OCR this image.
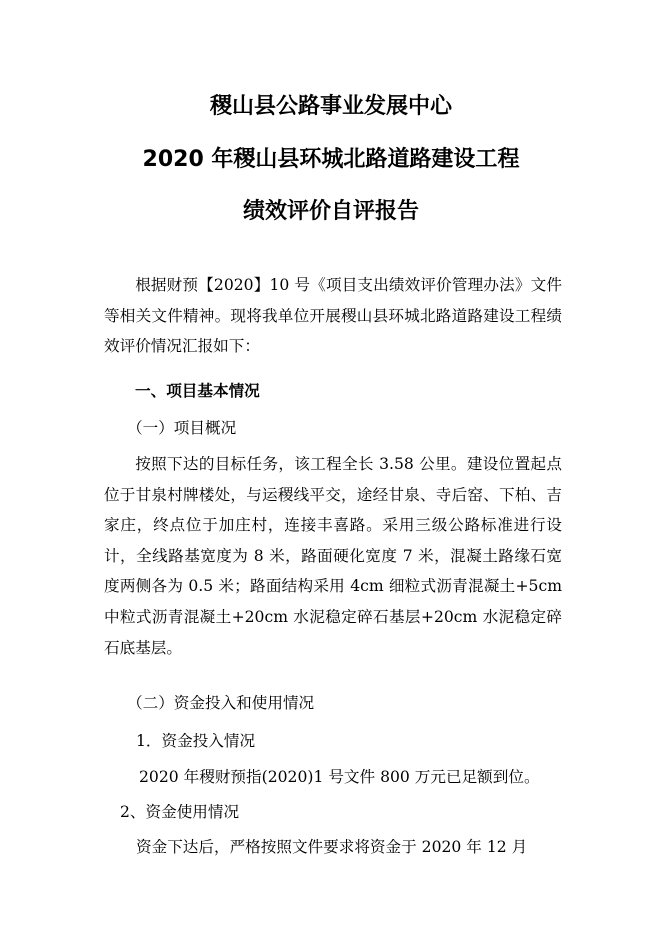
稷山县公路事业发展中心
2020 年稷山县环城北路道路建设工程
绩效评价自评报告

根据财预【2020】10 号《项目支出绩效评价管理办法》文件等相关文件精神。现将我单位开展稷山县环城北路道路建设工程绩效评价情况汇报如下：

一、项目基本情况
（一）项目概况

按照下达的目标任务，该工程全长 3.58 公里。建设位置起点位于甘泉村牌楼处，与运稷线平交，途经甘泉、寺后窑、下柏、吉家庄，终点位于加庄村，连接丰喜路。采用三级公路标准进行设计，全线路基宽度为 8 米，路面硬化宽度 7 米，混凝土路缘石宽度两侧各为 0.5 米；路面结构采用 4cm 细粒式沥青混凝土+5cm 中粒式沥青混凝土+20cm 水泥稳定碎石基层+20cm 水泥稳定碎石底基层。

（二）资金投入和使用情况
1．资金投入情况
2020 年稷财预指(2020)1 号文件 800 万元已足额到位。
2、资金使用情况
资金下达后，严格按照文件要求将资金于 2020 年 12 月
